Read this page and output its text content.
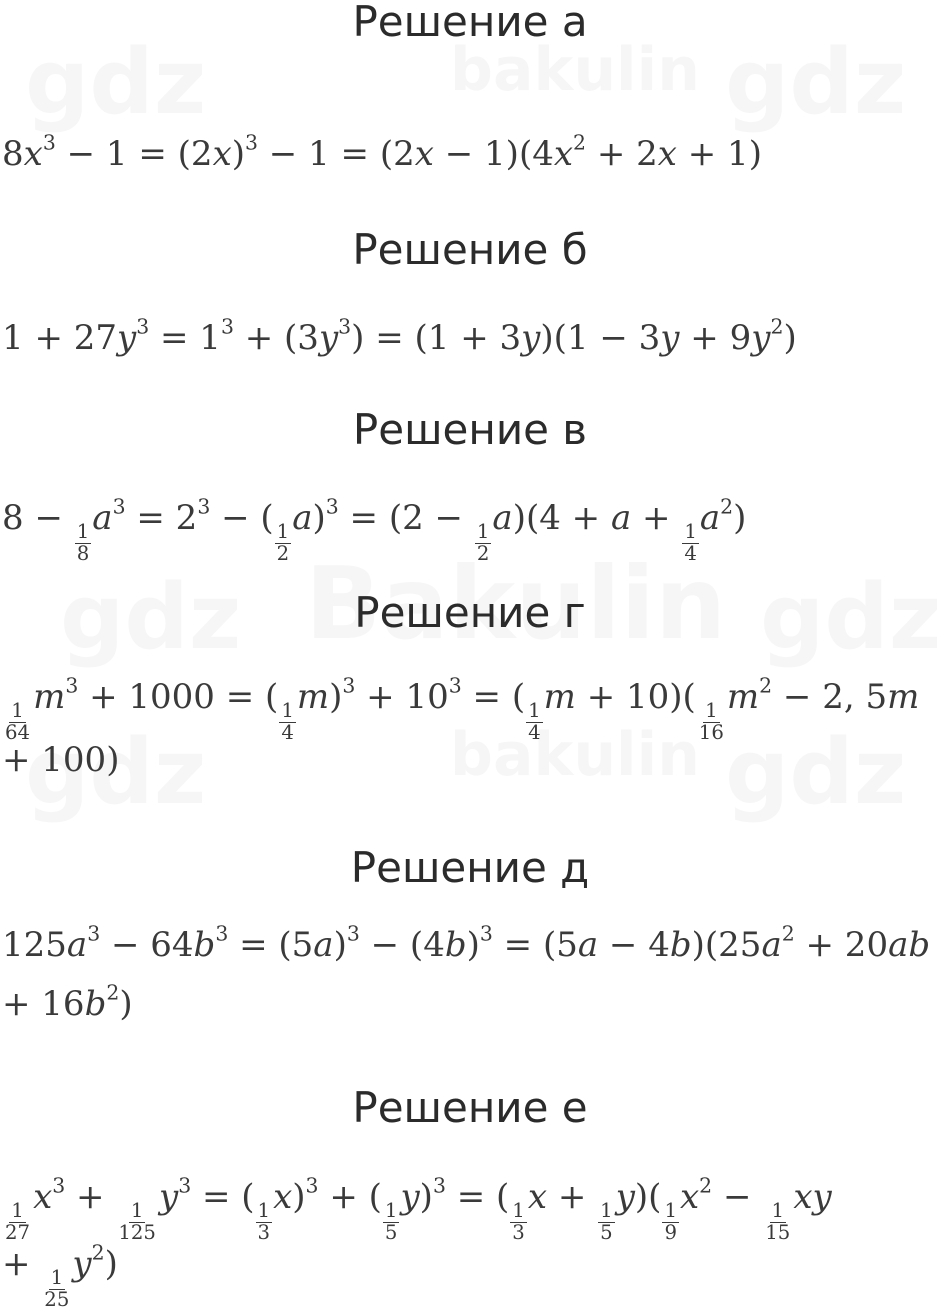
Решение а
Решение б
Решение в
Решение г
Решение д
Решение е
$8x^3 - 1 = (2x)^3 - 1 = (2x - 1)(4x^2 + 2x + 1)$
$1 + 27y^3 = 1^3 + (3y^3) = (1 + 3y)(1 - 3y + 9y^2)$
8 −
$\frac{1}{8}$
$a^3 = 2^3$ − (
$\frac{1}{2}$
a)$^3$ = (2 −
$\frac{1}{2}$
a)(4 + a +
$\frac{1}{4}$
$a^2$)
$\frac{1}{64}$
$m^3 + 1000$ = (
$\frac{1}{4}$
$m)^3 + 10^3$ = (
$\frac{1}{4}$
m + 10)(
$\frac{1}{16}$
$m^2 - 2$, 5m
+ 100)
$125a^3 - 64b^3 = (5a)^3 - (4b)^3 = (5a - 4b)(25a^2 + 20ab$
+ $16b^2$)
$\frac{1}{27}$
$x^3$ +
$\frac{1}{125}$
$y^3$ = (
$\frac{1}{3}$
x)$^3$ + (
$\frac{1}{5}$
y)$^3$ = (
$\frac{1}{3}$
x +
$\frac{1}{5}$
y)(
$\frac{1}{9}$
$x^2$ −
$\frac{1}{15}$
xy
+
$\frac{1}{25}$
$y^2$)
